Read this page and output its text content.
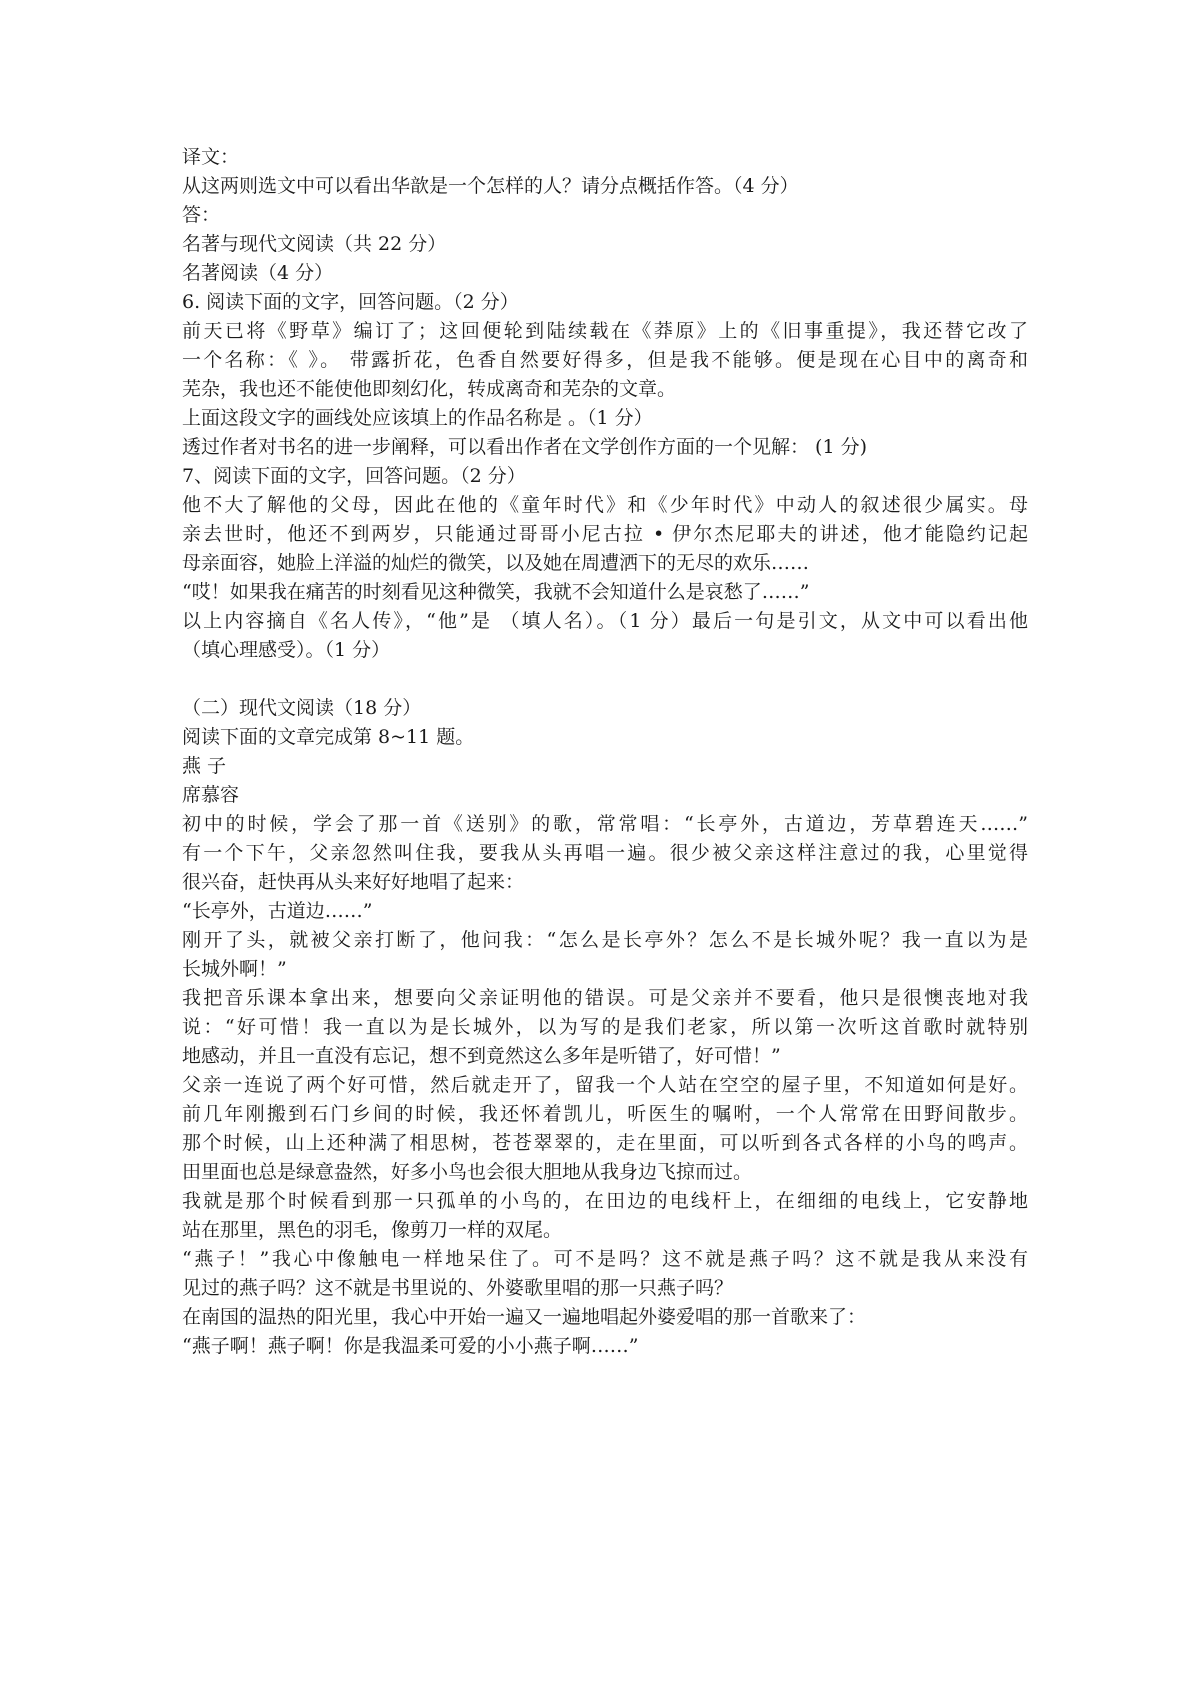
译文：
从这两则选文中可以看出华歆是一个怎样的人？请分点概括作答。（4 分）
答：
名著与现代文阅读（共 22 分）
名著阅读（4 分）
6. 阅读下面的文字，回答问题。（2 分）
前天已将《野草》编订了；这回便轮到陆续载在《莽原》上的《旧事重提》，我还替它改了
一个名称：《 》。 带露折花，色香自然要好得多，但是我不能够。便是现在心目中的离奇和
芜杂，我也还不能使他即刻幻化，转成离奇和芜杂的文章。
上面这段文字的画线处应该填上的作品名称是 。（1 分）
透过作者对书名的进一步阐释，可以看出作者在文学创作方面的一个见解： (1 分)
7、阅读下面的文字，回答问题。（2 分）
他不大了解他的父母，因此在他的《童年时代》和《少年时代》中动人的叙述很少属实。母
亲去世时，他还不到两岁，只能通过哥哥小尼古拉 • 伊尔杰尼耶夫的讲述，他才能隐约记起
母亲面容，她脸上洋溢的灿烂的微笑，以及她在周遭洒下的无尽的欢乐……
“哎！如果我在痛苦的时刻看见这种微笑，我就不会知道什么是哀愁了……”
以上内容摘自《名人传》，“他”是 （填人名）。（1 分）最后一句是引文，从文中可以看出他
（填心理感受）。（1 分）
（二）现代文阅读（18 分）
阅读下面的文章完成第 8~11 题。
燕 子
席慕容
初中的时候，学会了那一首《送别》的歌，常常唱：“长亭外，古道边，芳草碧连天……”
有一个下午，父亲忽然叫住我，要我从头再唱一遍。很少被父亲这样注意过的我，心里觉得
很兴奋，赶快再从头来好好地唱了起来：
“长亭外，古道边……”
刚开了头，就被父亲打断了，他问我：“怎么是长亭外？怎么不是长城外呢？我一直以为是
长城外啊！”
我把音乐课本拿出来，想要向父亲证明他的错误。可是父亲并不要看，他只是很懊丧地对我
说：“好可惜！我一直以为是长城外，以为写的是我们老家，所以第一次听这首歌时就特别
地感动，并且一直没有忘记，想不到竟然这么多年是听错了，好可惜！”
父亲一连说了两个好可惜，然后就走开了，留我一个人站在空空的屋子里，不知道如何是好。
前几年刚搬到石门乡间的时候，我还怀着凯儿，听医生的嘱咐，一个人常常在田野间散步。
那个时候，山上还种满了相思树，苍苍翠翠的，走在里面，可以听到各式各样的小鸟的鸣声。
田里面也总是绿意盎然，好多小鸟也会很大胆地从我身边飞掠而过。
我就是那个时候看到那一只孤单的小鸟的，在田边的电线杆上，在细细的电线上，它安静地
站在那里，黑色的羽毛，像剪刀一样的双尾。
“燕子！”我心中像触电一样地呆住了。可不是吗？这不就是燕子吗？这不就是我从来没有
见过的燕子吗？这不就是书里说的、外婆歌里唱的那一只燕子吗？
在南国的温热的阳光里，我心中开始一遍又一遍地唱起外婆爱唱的那一首歌来了：
“燕子啊！燕子啊！你是我温柔可爱的小小燕子啊……”
